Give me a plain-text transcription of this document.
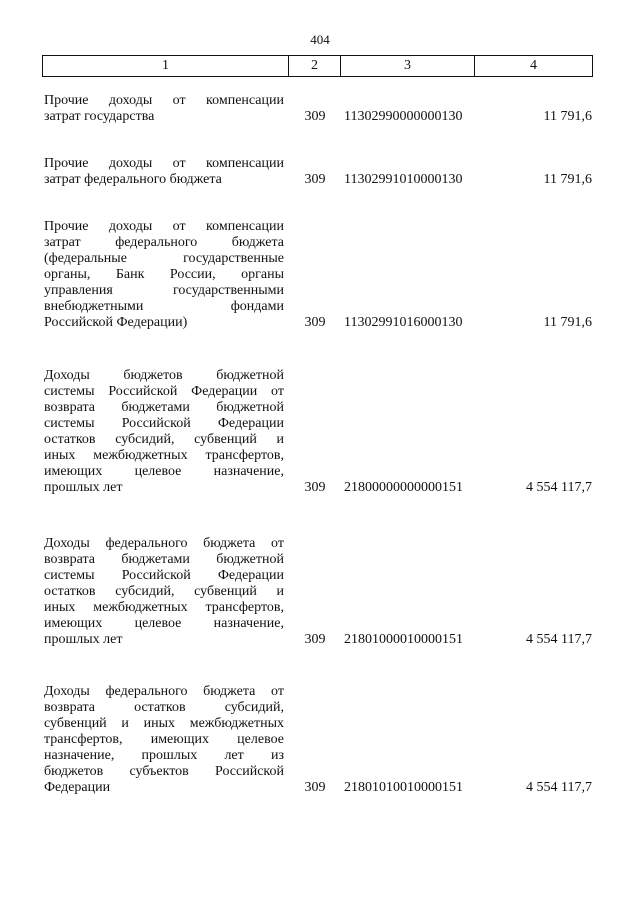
404
1	2	3	4
Прочие доходы от компенсации
затрат государства	309 11302990000000130	11 791,6
Прочие доходы от компенсации
затрат федерального бюджета	309 11302991010000130	11 791,6
Прочие доходы от компенсации
затрат федерального бюджета
(федеральные государственные
органы, Банк России, органы
управления государственными
внебюджетными фондами
Российской Федерации)	309 11302991016000130	11 791,6
Доходы бюджетов бюджетной
системы Российской Федерации от
возврата бюджетами бюджетной
системы Российской Федерации
остатков субсидий, субвенций и
иных межбюджетных трансфертов,
имеющих целевое назначение,
прошлых лет	309 21800000000000151	4 554 117,7
Доходы федерального бюджета от
возврата бюджетами бюджетной
системы Российской Федерации
остатков субсидий, субвенций и
иных межбюджетных трансфертов,
имеющих целевое назначение,
прошлых лет	309 21801000010000151	4 554 117,7
Доходы федерального бюджета от
возврата остатков субсидий,
субвенций и иных межбюджетных
трансфертов, имеющих целевое
назначение, прошлых лет из
бюджетов субъектов Российской
Федерации	309 21801010010000151	4 554 117,7
